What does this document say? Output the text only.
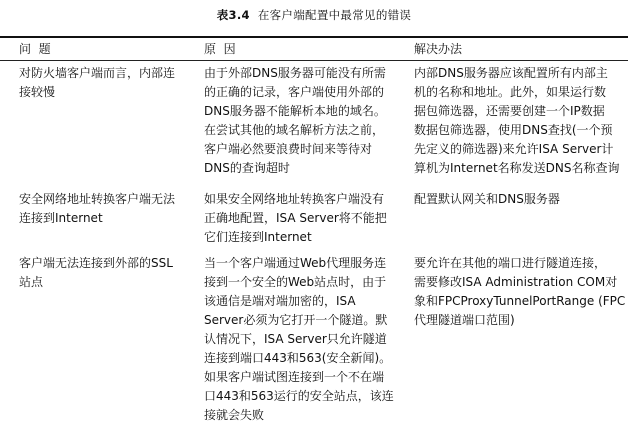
表3.4 在客户端配置中最常见的错误
问  题	原  因	解决办法
对防火墙客户端而言，内部连
接较慢
由于外部DNS服务器可能没有所需
的正确的记录，客户端使用外部的
DNS服务器不能解析本地的域名。
在尝试其他的域名解析方法之前，
客户端必然要浪费时间来等待对
DNS的查询超时
内部DNS服务器应该配置所有内部主
机的名称和地址。此外，如果运行数
据包筛选器，还需要创建一个IP数据
数据包筛选器，使用DNS查找(一个预
先定义的筛选器)来允许ISA Server计
算机为Internet名称发送DNS名称查询
安全网络地址转换客户端无法
连接到Internet
如果安全网络地址转换客户端没有
正确地配置，ISA Server将不能把
它们连接到Internet
配置默认网关和DNS服务器
客户端无法连接到外部的SSL
站点
当一个客户端通过Web代理服务连
接到一个安全的Web站点时，由于
该通信是端对端加密的，ISA
Server必须为它打开一个隧道。默
认情况下，ISA Server只允许隧道
连接到端口443和563(安全新闻)。
如果客户端试图连接到一个不在端
口443和563运行的安全站点，该连
接就会失败
要允许在其他的端口进行隧道连接，
需要修改ISA Administration COM对
象和FPCProxyTunnelPortRange (FPC
代理隧道端口范围)
